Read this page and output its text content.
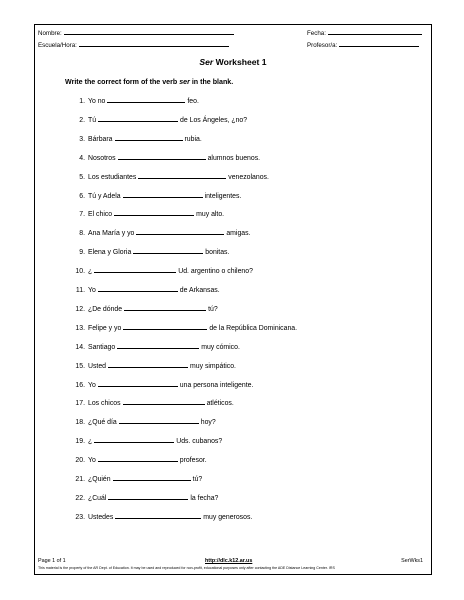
Nombre:	Fecha:
Escuela/Hora:	Profesor/a:
Ser Worksheet 1
Write the correct form of the verb ser in the blank.
1. Yo no	feo.
2. Tú	de Los Ángeles, ¿no?
3. Bárbara	rubia.
4. Nosotros	alumnos buenos.
5. Los estudiantes	venezolanos.
6. Tú y Adela	inteligentes.
7. El chico	muy alto.
8. Ana María y yo	amigas.
9. Elena y Gloria	bonitas.
10. ¿	Ud. argentino o chileno?
11. Yo	de Arkansas.
12. ¿De dónde	tú?
13. Felipe y yo	de la República Dominicana.
14. Santiago	muy cómico.
15. Usted	muy simpático.
16. Yo	una persona inteligente.
17. Los chicos	atléticos.
18. ¿Qué día	hoy?
19. ¿	Uds. cubanos?
20. Yo	profesor.
21. ¿Quién	tú?
22. ¿Cuál	la fecha?
23. Ustedes	muy generosos.
Page 1 of 1	http://dlc.k12.ar.us	SerWks1
This material is the property of the AR Dept. of Education. It may be used and reproduced for non-profit, educational purposes only after contacting the ADE Distance Learning Center. IRS
